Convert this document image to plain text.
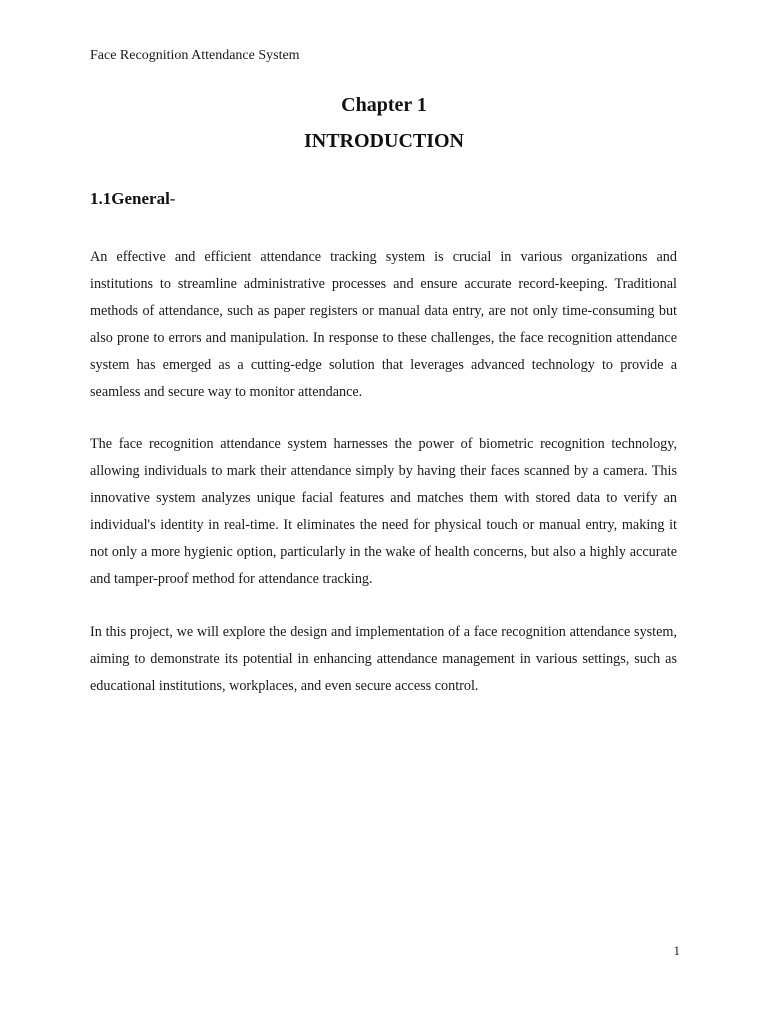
Face Recognition Attendance System
Chapter 1
INTRODUCTION
1.1General-

An effective and efficient attendance tracking system is crucial in various organizations and institutions to streamline administrative processes and ensure accurate record-keeping. Traditional methods of attendance, such as paper registers or manual data entry, are not only time-consuming but also prone to errors and manipulation. In response to these challenges, the face recognition attendance system has emerged as a cutting-edge solution that leverages advanced technology to provide a seamless and secure way to monitor attendance.

The face recognition attendance system harnesses the power of biometric recognition technology, allowing individuals to mark their attendance simply by having their faces scanned by a camera. This innovative system analyzes unique facial features and matches them with stored data to verify an individual's identity in real-time. It eliminates the need for physical touch or manual entry, making it not only a more hygienic option, particularly in the wake of health concerns, but also a highly accurate and tamper-proof method for attendance tracking.

In this project, we will explore the design and implementation of a face recognition attendance system, aiming to demonstrate its potential in enhancing attendance management in various settings, such as educational institutions, workplaces, and even secure access control.

1
